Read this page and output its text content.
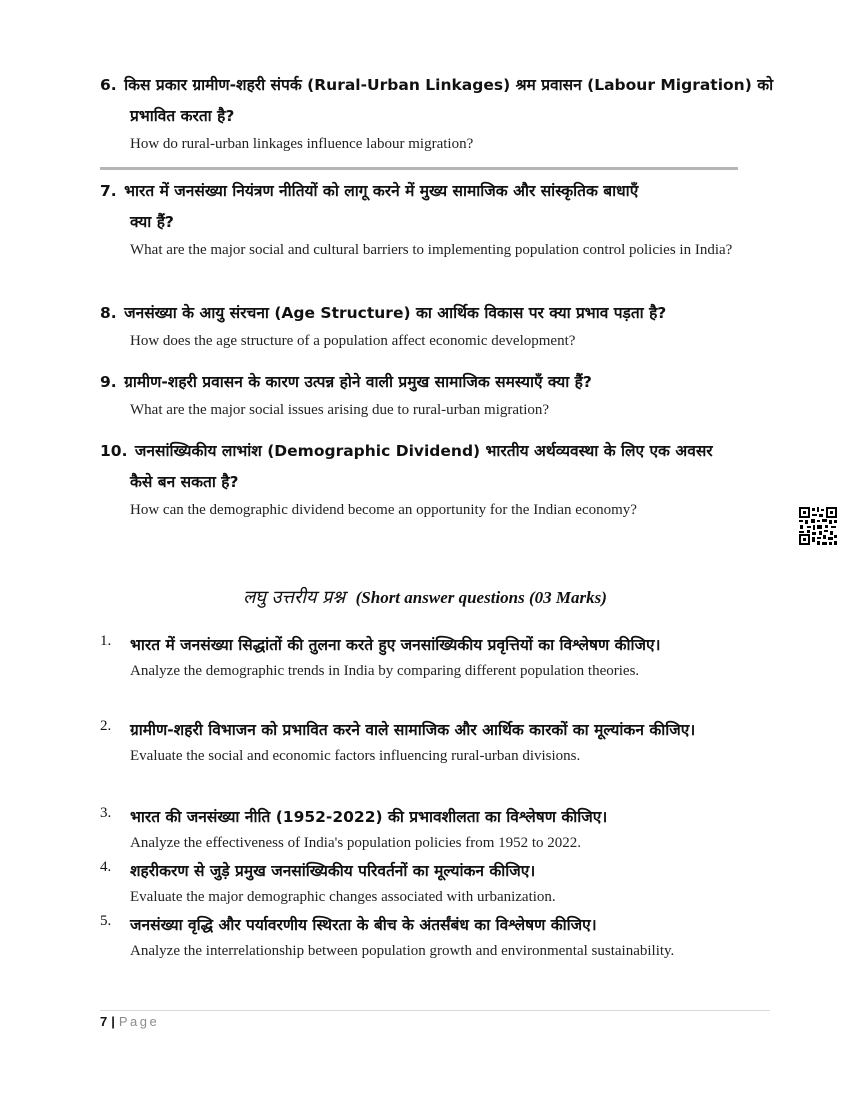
6. किस प्रकार ग्रामीण-शहरी संपर्क (Rural-Urban Linkages) श्रम प्रवासन (Labour Migration) को
प्रभावित करता है?
How do rural-urban linkages influence labour migration?
7. भारत में जनसंख्या नियंत्रण नीतियों को लागू करने में मुख्य सामाजिक और सांस्कृतिक बाधाएँ
क्या हैं?
What are the major social and cultural barriers to implementing population control policies in India?
8. जनसंख्या के आयु संरचना (Age Structure) का आर्थिक विकास पर क्या प्रभाव पड़ता है?
How does the age structure of a population affect economic development?
9. ग्रामीण-शहरी प्रवासन के कारण उत्पन्न होने वाली प्रमुख सामाजिक समस्याएँ क्या हैं?
What are the major social issues arising due to rural-urban migration?
10. जनसांख्यिकीय लाभांश (Demographic Dividend) भारतीय अर्थव्यवस्था के लिए एक अवसर
कैसे बन सकता है?
How can the demographic dividend become an opportunity for the Indian economy?
लघु उत्तरीय प्रश्न (Short answer questions (03 Marks)
1. भारत में जनसंख्या सिद्धांतों की तुलना करते हुए जनसांख्यिकीय प्रवृत्तियों का विश्लेषण कीजिए।
Analyze the demographic trends in India by comparing different population theories.
2. ग्रामीण-शहरी विभाजन को प्रभावित करने वाले सामाजिक और आर्थिक कारकों का मूल्यांकन कीजिए।
Evaluate the social and economic factors influencing rural-urban divisions.
3. भारत की जनसंख्या नीति (1952-2022) की प्रभावशीलता का विश्लेषण कीजिए।
Analyze the effectiveness of India's population policies from 1952 to 2022.
4. शहरीकरण से जुड़े प्रमुख जनसांख्यिकीय परिवर्तनों का मूल्यांकन कीजिए।
Evaluate the major demographic changes associated with urbanization.
5. जनसंख्या वृद्धि और पर्यावरणीय स्थिरता के बीच के अंतर्संबंध का विश्लेषण कीजिए।
Analyze the interrelationship between population growth and environmental sustainability.
7 | Page
